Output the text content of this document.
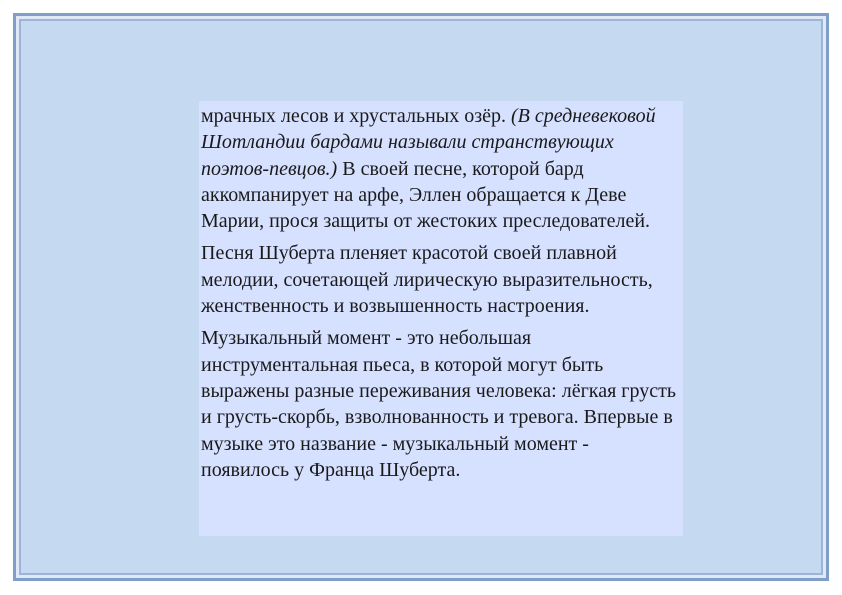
мрачных лесов и хрустальных озёр. (В средневековой Шотландии бардами называли странствующих поэтов-певцов.) В своей песне, которой бард аккомпанирует на арфе, Эллен обращается к Деве Марии, прося защиты от жестоких преследователей.

Песня Шуберта пленяет красотой своей плавной мелодии, сочетающей лирическую выразительность, женственность и возвышенность настроения.

Музыкальный момент - это небольшая инструментальная пьеса, в которой могут быть выражены разные переживания человека: лёгкая грусть и грусть-скорбь, взволнованность и тревога. Впервые в музыке это название - музыкальный момент - появилось у Франца Шуберта.
